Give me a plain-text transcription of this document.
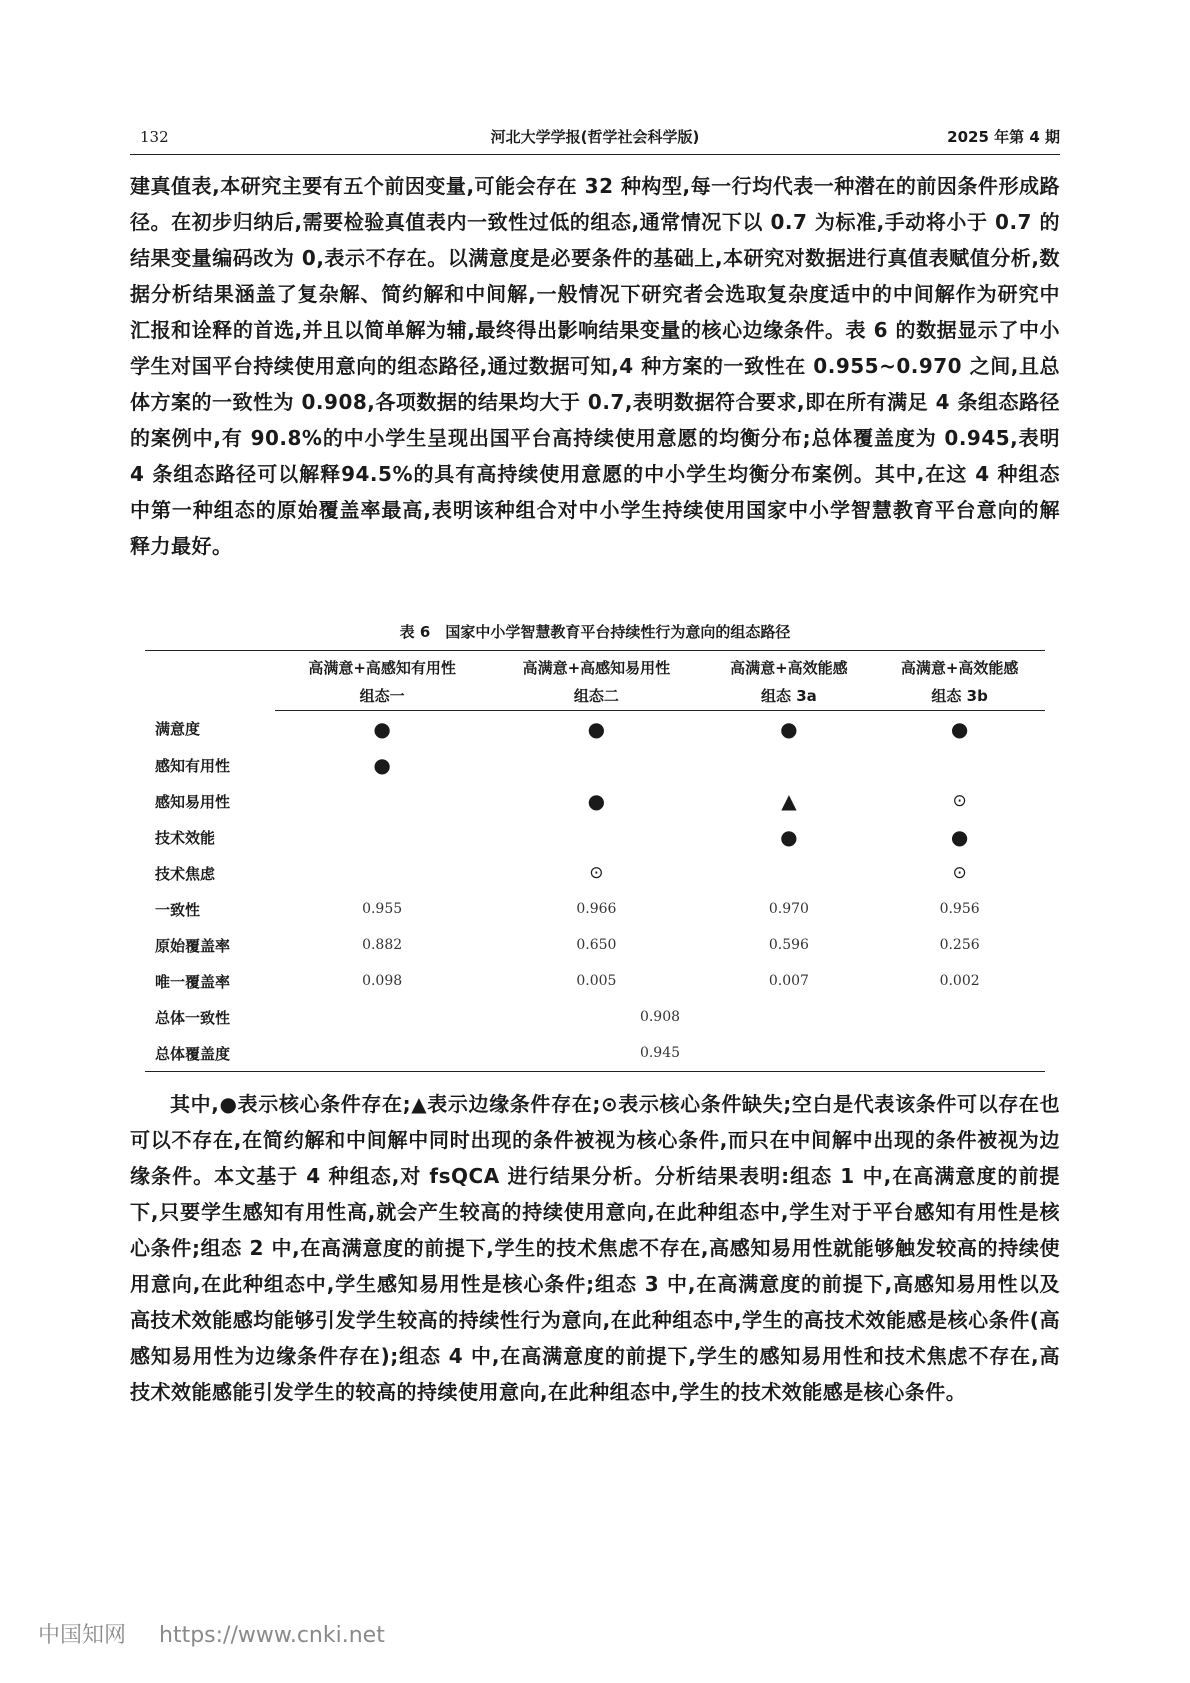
132	河北大学学报(哲学社会科学版)	2025 年第 4 期

建真值表,本研究主要有五个前因变量,可能会存在 32 种构型,每一行均代表一种潜在的前因条件形成路径。在初步归纳后,需要检验真值表内一致性过低的组态,通常情况下以 0.7 为标准,手动将小于 0.7 的结果变量编码改为 0,表示不存在。以满意度是必要条件的基础上,本研究对数据进行真值表赋值分析,数据分析结果涵盖了复杂解、简约解和中间解,一般情况下研究者会选取复杂度适中的中间解作为研究中汇报和诠释的首选,并且以简单解为辅,最终得出影响结果变量的核心边缘条件。表 6 的数据显示了中小学生对国平台持续使用意向的组态路径,通过数据可知,4 种方案的一致性在 0.955~0.970 之间,且总体方案的一致性为 0.908,各项数据的结果均大于 0.7,表明数据符合要求,即在所有满足 4 条组态路径的案例中,有 90.8%的中小学生呈现出国平台高持续使用意愿的均衡分布;总体覆盖度为 0.945,表明 4 条组态路径可以解释94.5%的具有高持续使用意愿的中小学生均衡分布案例。其中,在这 4 种组态中第一种组态的原始覆盖率最高,表明该种组合对中小学生持续使用国家中小学智慧教育平台意向的解释力最好。

表 6　国家中小学智慧教育平台持续性行为意向的组态路径
	高满意+高感知有用性	高满意+高感知易用性	高满意+高效能感	高满意+高效能感
	组态一	组态二	组态 3a	组态 3b
满意度	●	●	●	●
感知有用性	●			
感知易用性		●	▲	⊙
技术效能			●	●
技术焦虑		⊙		⊙
一致性	0.955	0.966	0.970	0.956
原始覆盖率	0.882	0.650	0.596	0.256
唯一覆盖率	0.098	0.005	0.007	0.002
总体一致性	0.908			
总体覆盖度	0.945			

其中,●表示核心条件存在;▲表示边缘条件存在;⊙表示核心条件缺失;空白是代表该条件可以存在也可以不存在,在简约解和中间解中同时出现的条件被视为核心条件,而只在中间解中出现的条件被视为边缘条件。本文基于 4 种组态,对 fsQCA 进行结果分析。分析结果表明:组态 1 中,在高满意度的前提下,只要学生感知有用性高,就会产生较高的持续使用意向,在此种组态中,学生对于平台感知有用性是核心条件;组态 2 中,在高满意度的前提下,学生的技术焦虑不存在,高感知易用性就能够触发较高的持续使用意向,在此种组态中,学生感知易用性是核心条件;组态 3 中,在高满意度的前提下,高感知易用性以及高技术效能感均能够引发学生较高的持续性行为意向,在此种组态中,学生的高技术效能感是核心条件(高感知易用性为边缘条件存在);组态 4 中,在高满意度的前提下,学生的感知易用性和技术焦虑不存在,高技术效能感能引发学生的较高的持续使用意向,在此种组态中,学生的技术效能感是核心条件。

中国知网 https://www.cnki.net
